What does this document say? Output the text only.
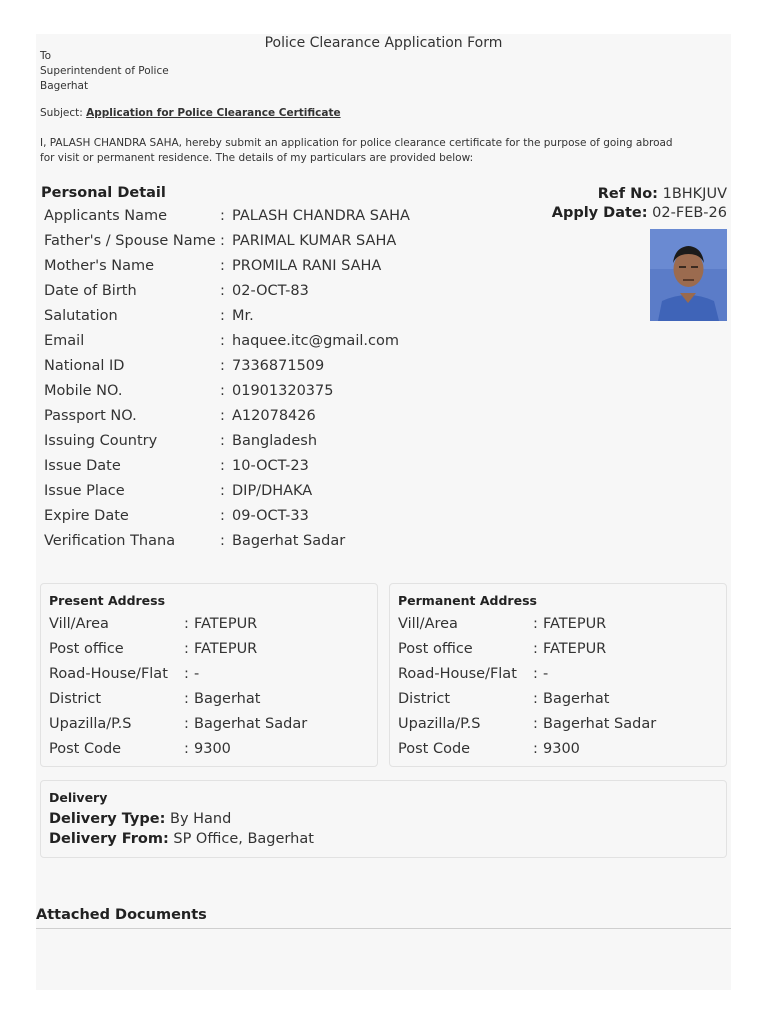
Police Clearance Application Form
To
Superintendent of Police
Bagerhat
Subject: Application for Police Clearance Certificate
I, PALASH CHANDRA SAHA, hereby submit an application for police clearance certificate for the purpose of going abroad
for visit or permanent residence. The details of my particulars are provided below:
Personal Detail	Ref No: 1BHKJUV
Apply Date: 02-FEB-26
Applicants Name	: PALASH CHANDRA SAHA
Father's / Spouse Name : PARIMAL KUMAR SAHA
Mother's Name	: PROMILA RANI SAHA
Date of Birth	: 02-OCT-83
Salutation	: Mr.
Email	: haquee.itc@gmail.com
National ID	: 7336871509
Mobile NO.	: 01901320375
Passport NO.	: A12078426
Issuing Country	: Bangladesh
Issue Date	: 10-OCT-23
Issue Place	: DIP/DHAKA
Expire Date	: 09-OCT-33
Verification Thana	: Bagerhat Sadar
Present Address
Vill/Area	: FATEPUR
Post office	: FATEPUR
Road-House/Flat : -
District	: Bagerhat
Upazilla/P.S	: Bagerhat Sadar
Post Code	: 9300
Permanent Address
Vill/Area	: FATEPUR
Post office	: FATEPUR
Road-House/Flat : -
District	: Bagerhat
Upazilla/P.S	: Bagerhat Sadar
Post Code	: 9300
Delivery
Delivery Type: By Hand
Delivery From: SP Office, Bagerhat
Attached Documents
